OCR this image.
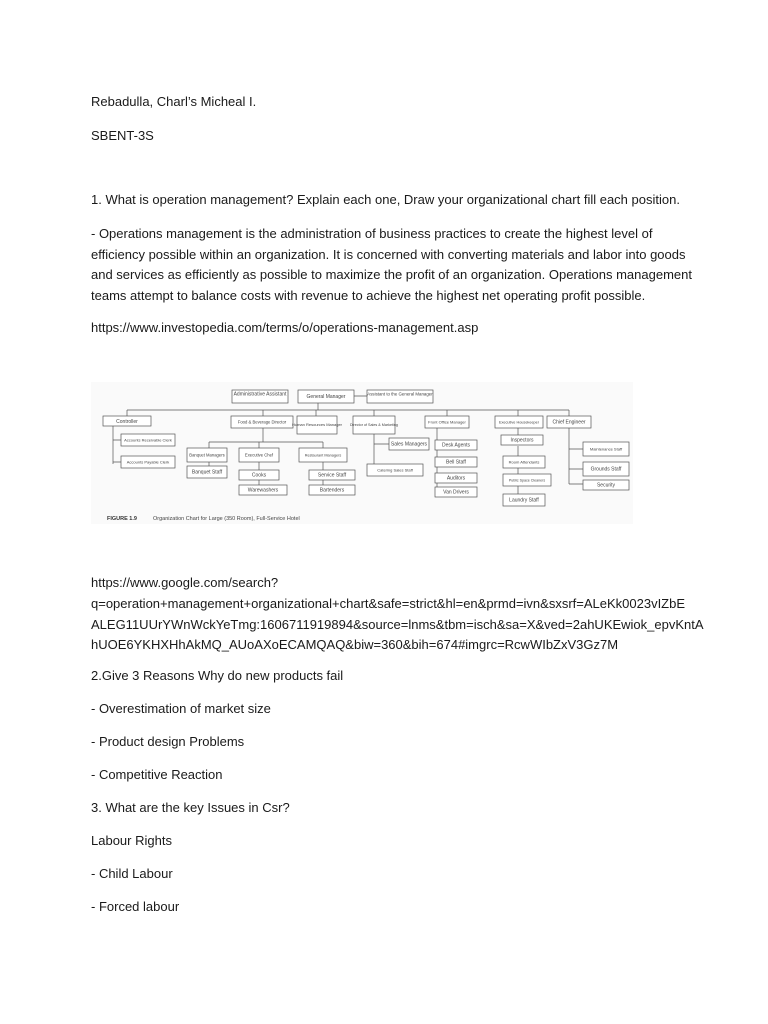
Rebadulla, Charl’s Micheal I.
SBENT-3S
1. What is operation management? Explain each one, Draw your organizational chart fill each position.
- Operations management is the administration of business practices to create the highest level of
efficiency possible within an organization. It is concerned with converting materials and labor into goods
and services as efficiently as possible to maximize the profit of an organization. Operations management
teams attempt to balance costs with revenue to achieve the highest net operating profit possible.
https://www.investopedia.com/terms/o/operations-management.asp
Administrative Assistant	General Manager	Assistant to the General Manager
Controller	Food & Beverage Director Human Resources Manager Director of Sales & Marketing
Front Office Manager	Executive Housekeeper	Chief Engineer
Accounts Receivable Clerk
Accounts Payable Clerk
Banquet Managers	Executive Chef	Restaurant Managers
Banquet Staff	Cooks	Service Staff
Warewashers	Bartenders
Sales Managers
Catering Sales Staff
Desk Agents
Bell Staff
Auditors
Van Drivers
Inspectors
Room Attendants
Public Space Cleaners
Laundry Staff
Maintenance Staff
Grounds Staff
Security
FIGURE 1.9	Organization Chart for Large (350 Room), Full-Service Hotel
https://www.google.com/search?
q=operation+management+organizational+chart&safe=strict&hl=en&prmd=ivn&sxsrf=ALeKk0023vIZbE
ALEG11UUrYWnWckYeTmg:1606711919894&source=lnms&tbm=isch&sa=X&ved=2ahUKEwiok_epvKntA
hUOE6YKHXHhAkMQ_AUoAXoECAMQAQ&biw=360&bih=674#imgrc=RcwWIbZxV3Gz7M
2.Give 3 Reasons Why do new products fail
- Overestimation of market size
- Product design Problems
- Competitive Reaction
3. What are the key Issues in Csr?
Labour Rights
- Child Labour
- Forced labour
